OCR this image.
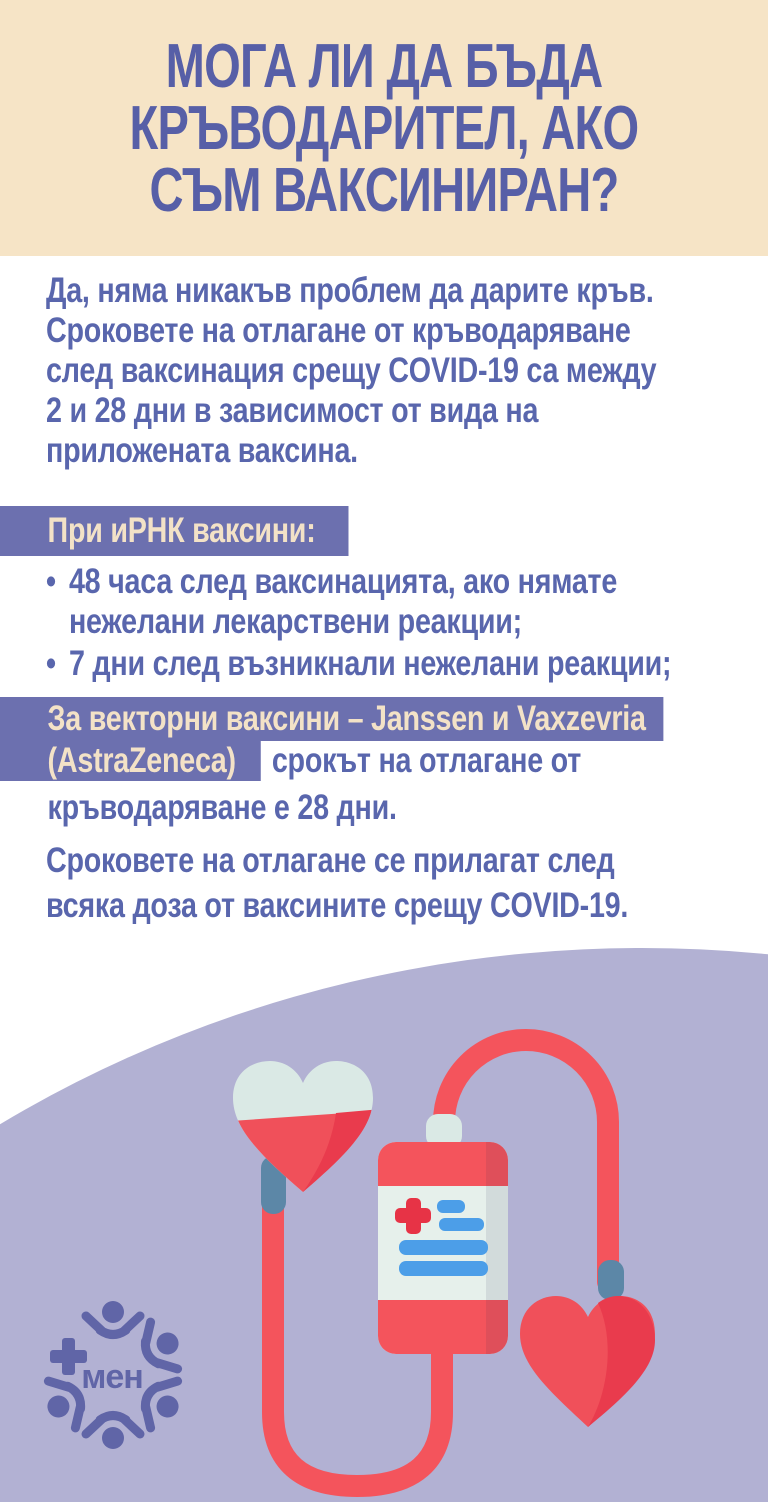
МОГА ЛИ ДА БЪДА
КРЪВОДАРИТЕЛ, АКО
СЪМ ВАКСИНИРАН?
Да, няма никакъв проблем да дарите кръв.
Сроковете на отлагане от кръводаряване
след ваксинация срещу COVID-19 са между
2 и 28 дни в зависимост от вида на
приложената ваксина.
При иРНК ваксини:
• 48 часа след ваксинацията, ако нямате
нежелани лекарствени реакции;
• 7 дни след възникнали нежелани реакции;
За векторни ваксини – Janssen и Vaxzevria
(AstraZeneca) срокът на отлагане от
кръводаряване е 28 дни.
Сроковете на отлагане се прилагат след
всяка доза от ваксините срещу COVID-19.
мен
